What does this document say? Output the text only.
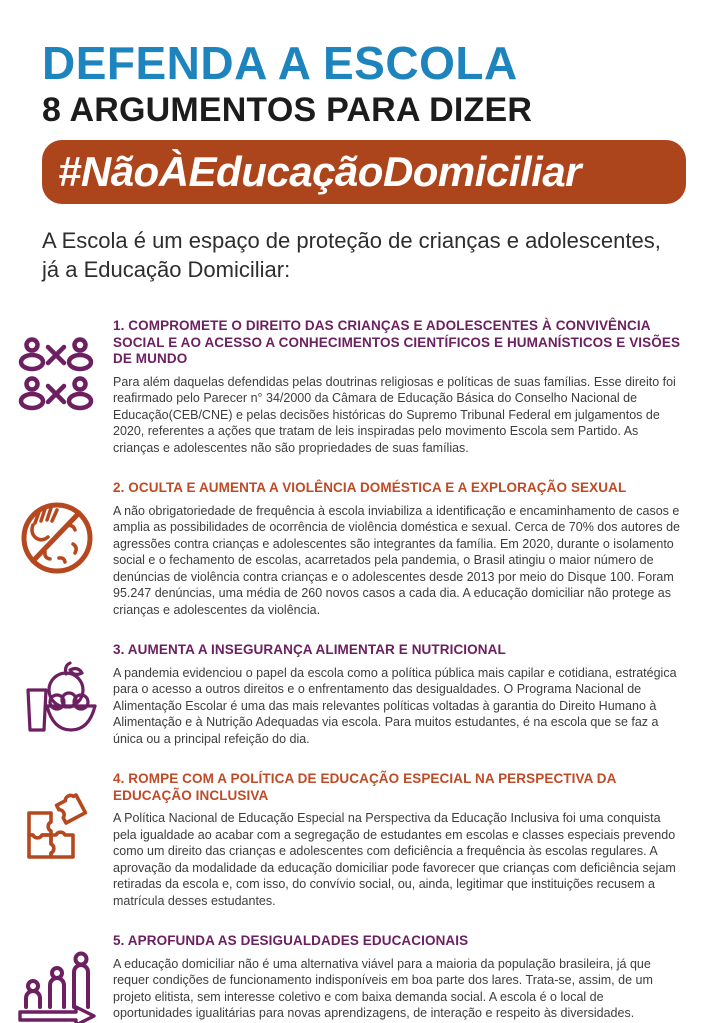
DEFENDA A ESCOLA
8 ARGUMENTOS PARA DIZER
#NãoÀEducaçãoDomiciliar
A Escola é um espaço de proteção de crianças e adolescentes, já a Educação Domiciliar:
1. COMPROMETE O DIREITO DAS CRIANÇAS E ADOLESCENTES À CONVIVÊNCIA SOCIAL E AO ACESSO A CONHECIMENTOS CIENTÍFICOS E HUMANÍSTICOS E VISÕES DE MUNDO
Para além daquelas defendidas pelas doutrinas religiosas e políticas de suas famílias. Esse direito foi reafirmado pelo Parecer n° 34/2000 da Câmara de Educação Básica do Conselho Nacional de Educação(CEB/CNE) e pelas decisões históricas do Supremo Tribunal Federal em julgamentos de 2020, referentes a ações que tratam de leis inspiradas pelo movimento Escola sem Partido. As crianças e adolescentes não são propriedades de suas famílias.
2. OCULTA E AUMENTA A VIOLÊNCIA DOMÉSTICA E A EXPLORAÇÃO SEXUAL
A não obrigatoriedade de frequência à escola inviabiliza a identificação e encaminhamento de casos e amplia as possibilidades de ocorrência de violência doméstica e sexual. Cerca de 70% dos autores de agressões contra crianças e adolescentes são integrantes da família. Em 2020, durante o isolamento social e o fechamento de escolas, acarretados pela pandemia, o Brasil atingiu o maior número de denúncias de violência contra crianças e o adolescentes desde 2013 por meio do Disque 100. Foram 95.247 denúncias, uma média de 260 novos casos a cada dia. A educação domiciliar não protege as crianças e adolescentes da violência.
3. AUMENTA A INSEGURANÇA ALIMENTAR E NUTRICIONAL
A pandemia evidenciou o papel da escola como a política pública mais capilar e cotidiana, estratégica para o acesso a outros direitos e o enfrentamento das desigualdades. O Programa Nacional de Alimentação Escolar é uma das mais relevantes políticas voltadas à garantia do Direito Humano à Alimentação e à Nutrição Adequadas via escola. Para muitos estudantes, é na escola que se faz a única ou a principal refeição do dia.
4. ROMPE COM A POLÍTICA DE EDUCAÇÃO ESPECIAL NA PERSPECTIVA DA EDUCAÇÃO INCLUSIVA
A Política Nacional de Educação Especial na Perspectiva da Educação Inclusiva foi uma conquista pela igualdade ao acabar com a segregação de estudantes em escolas e classes especiais prevendo como um direito das crianças e adolescentes com deficiência a frequência às escolas regulares. A aprovação da modalidade da educação domiciliar pode favorecer que crianças com deficiência sejam retiradas da escola e, com isso, do convívio social, ou, ainda, legitimar que instituições recusem a matrícula desses estudantes.
5. APROFUNDA AS DESIGUALDADES EDUCACIONAIS
A educação domiciliar não é uma alternativa viável para a maioria da população brasileira, já que requer condições de funcionamento indisponíveis em boa parte dos lares. Trata-se, assim, de um projeto elitista, sem interesse coletivo e com baixa demanda social. A escola é o local de oportunidades igualitárias para novas aprendizagens, de interação e respeito às diversidades.
